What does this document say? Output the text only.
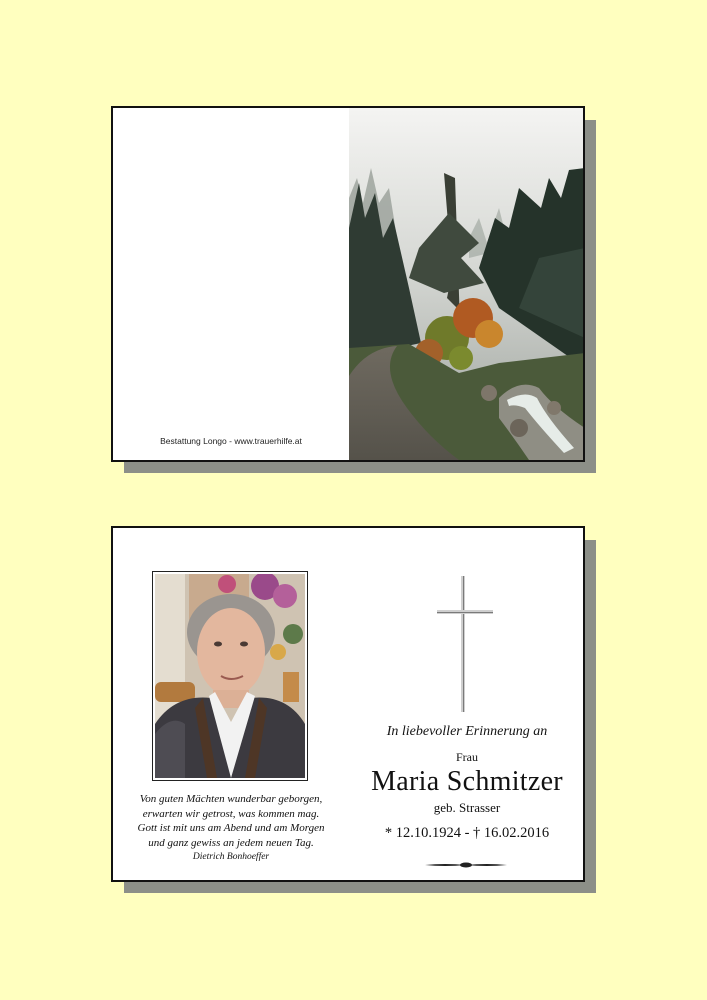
Bestattung Longo - www.trauerhilfe.at
Von guten Mächten wunderbar geborgen,
erwarten wir getrost, was kommen mag.
Gott ist mit uns am Abend und am Morgen
und ganz gewiss an jedem neuen Tag.
Dietrich Bonhoeffer
In liebevoller Erinnerung an
Frau
Maria Schmitzer
geb. Strasser
* 12.10.1924 - † 16.02.2016
